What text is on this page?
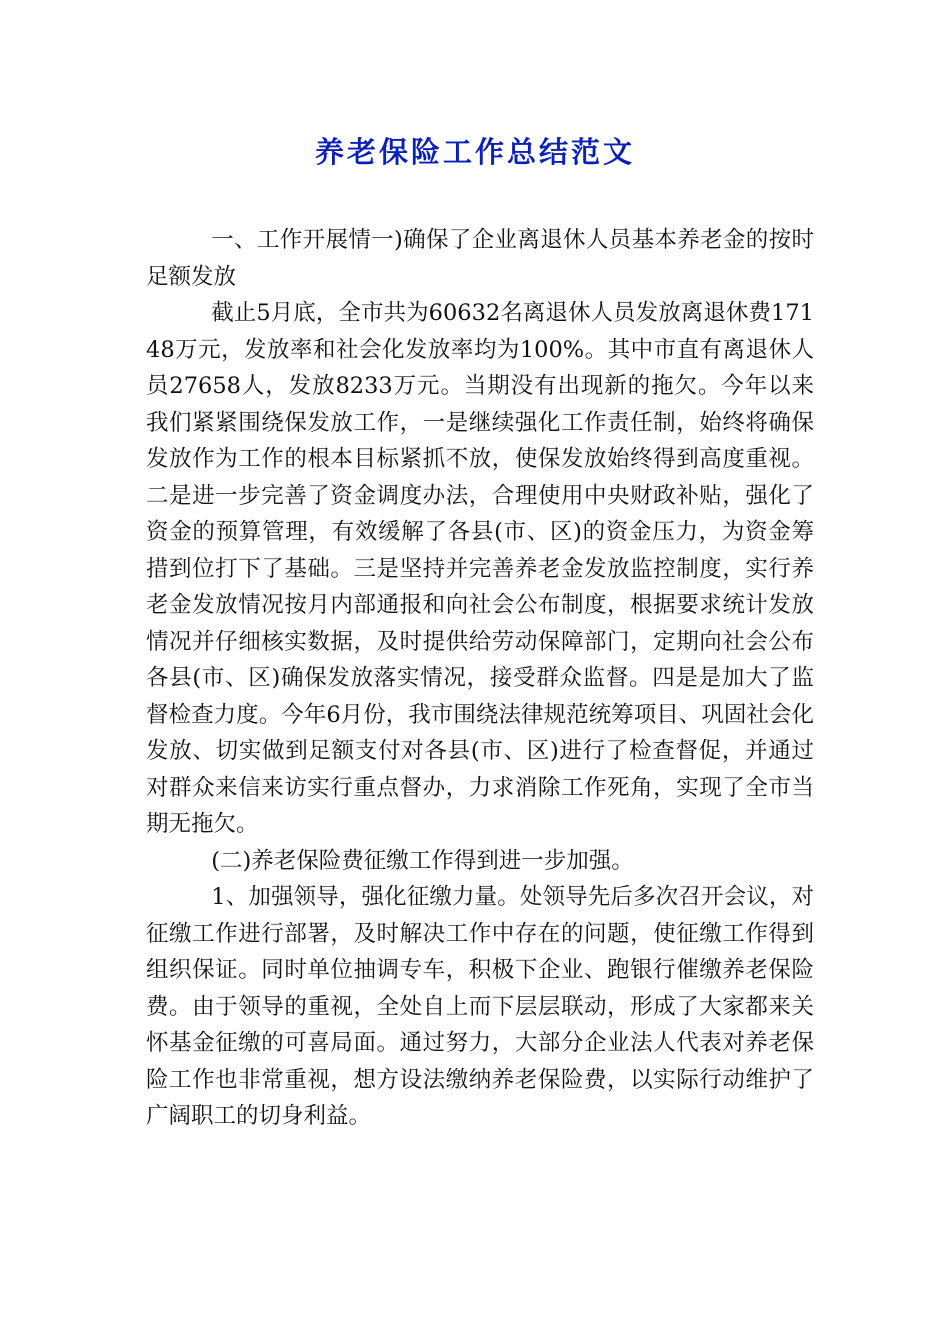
养老保险工作总结范文

一、工作开展情一)确保了企业离退休人员基本养老金的按时足额发放

截止5月底，全市共为60632名离退休人员发放离退休费17148万元，发放率和社会化发放率均为100%。其中市直有离退休人员27658人，发放8233万元。当期没有出现新的拖欠。今年以来我们紧紧围绕保发放工作，一是继续强化工作责任制，始终将确保发放作为工作的根本目标紧抓不放，使保发放始终得到高度重视。二是进一步完善了资金调度办法，合理使用中央财政补贴，强化了资金的预算管理，有效缓解了各县(市、区)的资金压力，为资金筹措到位打下了基础。三是坚持并完善养老金发放监控制度，实行养老金发放情况按月内部通报和向社会公布制度，根据要求统计发放情况并仔细核实数据，及时提供给劳动保障部门，定期向社会公布各县(市、区)确保发放落实情况，接受群众监督。四是是加大了监督检查力度。今年6月份，我市围绕法律规范统筹项目、巩固社会化发放、切实做到足额支付对各县(市、区)进行了检查督促，并通过对群众来信来访实行重点督办，力求消除工作死角，实现了全市当期无拖欠。

(二)养老保险费征缴工作得到进一步加强。

1、加强领导，强化征缴力量。处领导先后多次召开会议，对征缴工作进行部署，及时解决工作中存在的问题，使征缴工作得到组织保证。同时单位抽调专车，积极下企业、跑银行催缴养老保险费。由于领导的重视，全处自上而下层层联动，形成了大家都来关怀基金征缴的可喜局面。通过努力，大部分企业法人代表对养老保险工作也非常重视，想方设法缴纳养老保险费，以实际行动维护了广阔职工的切身利益。
